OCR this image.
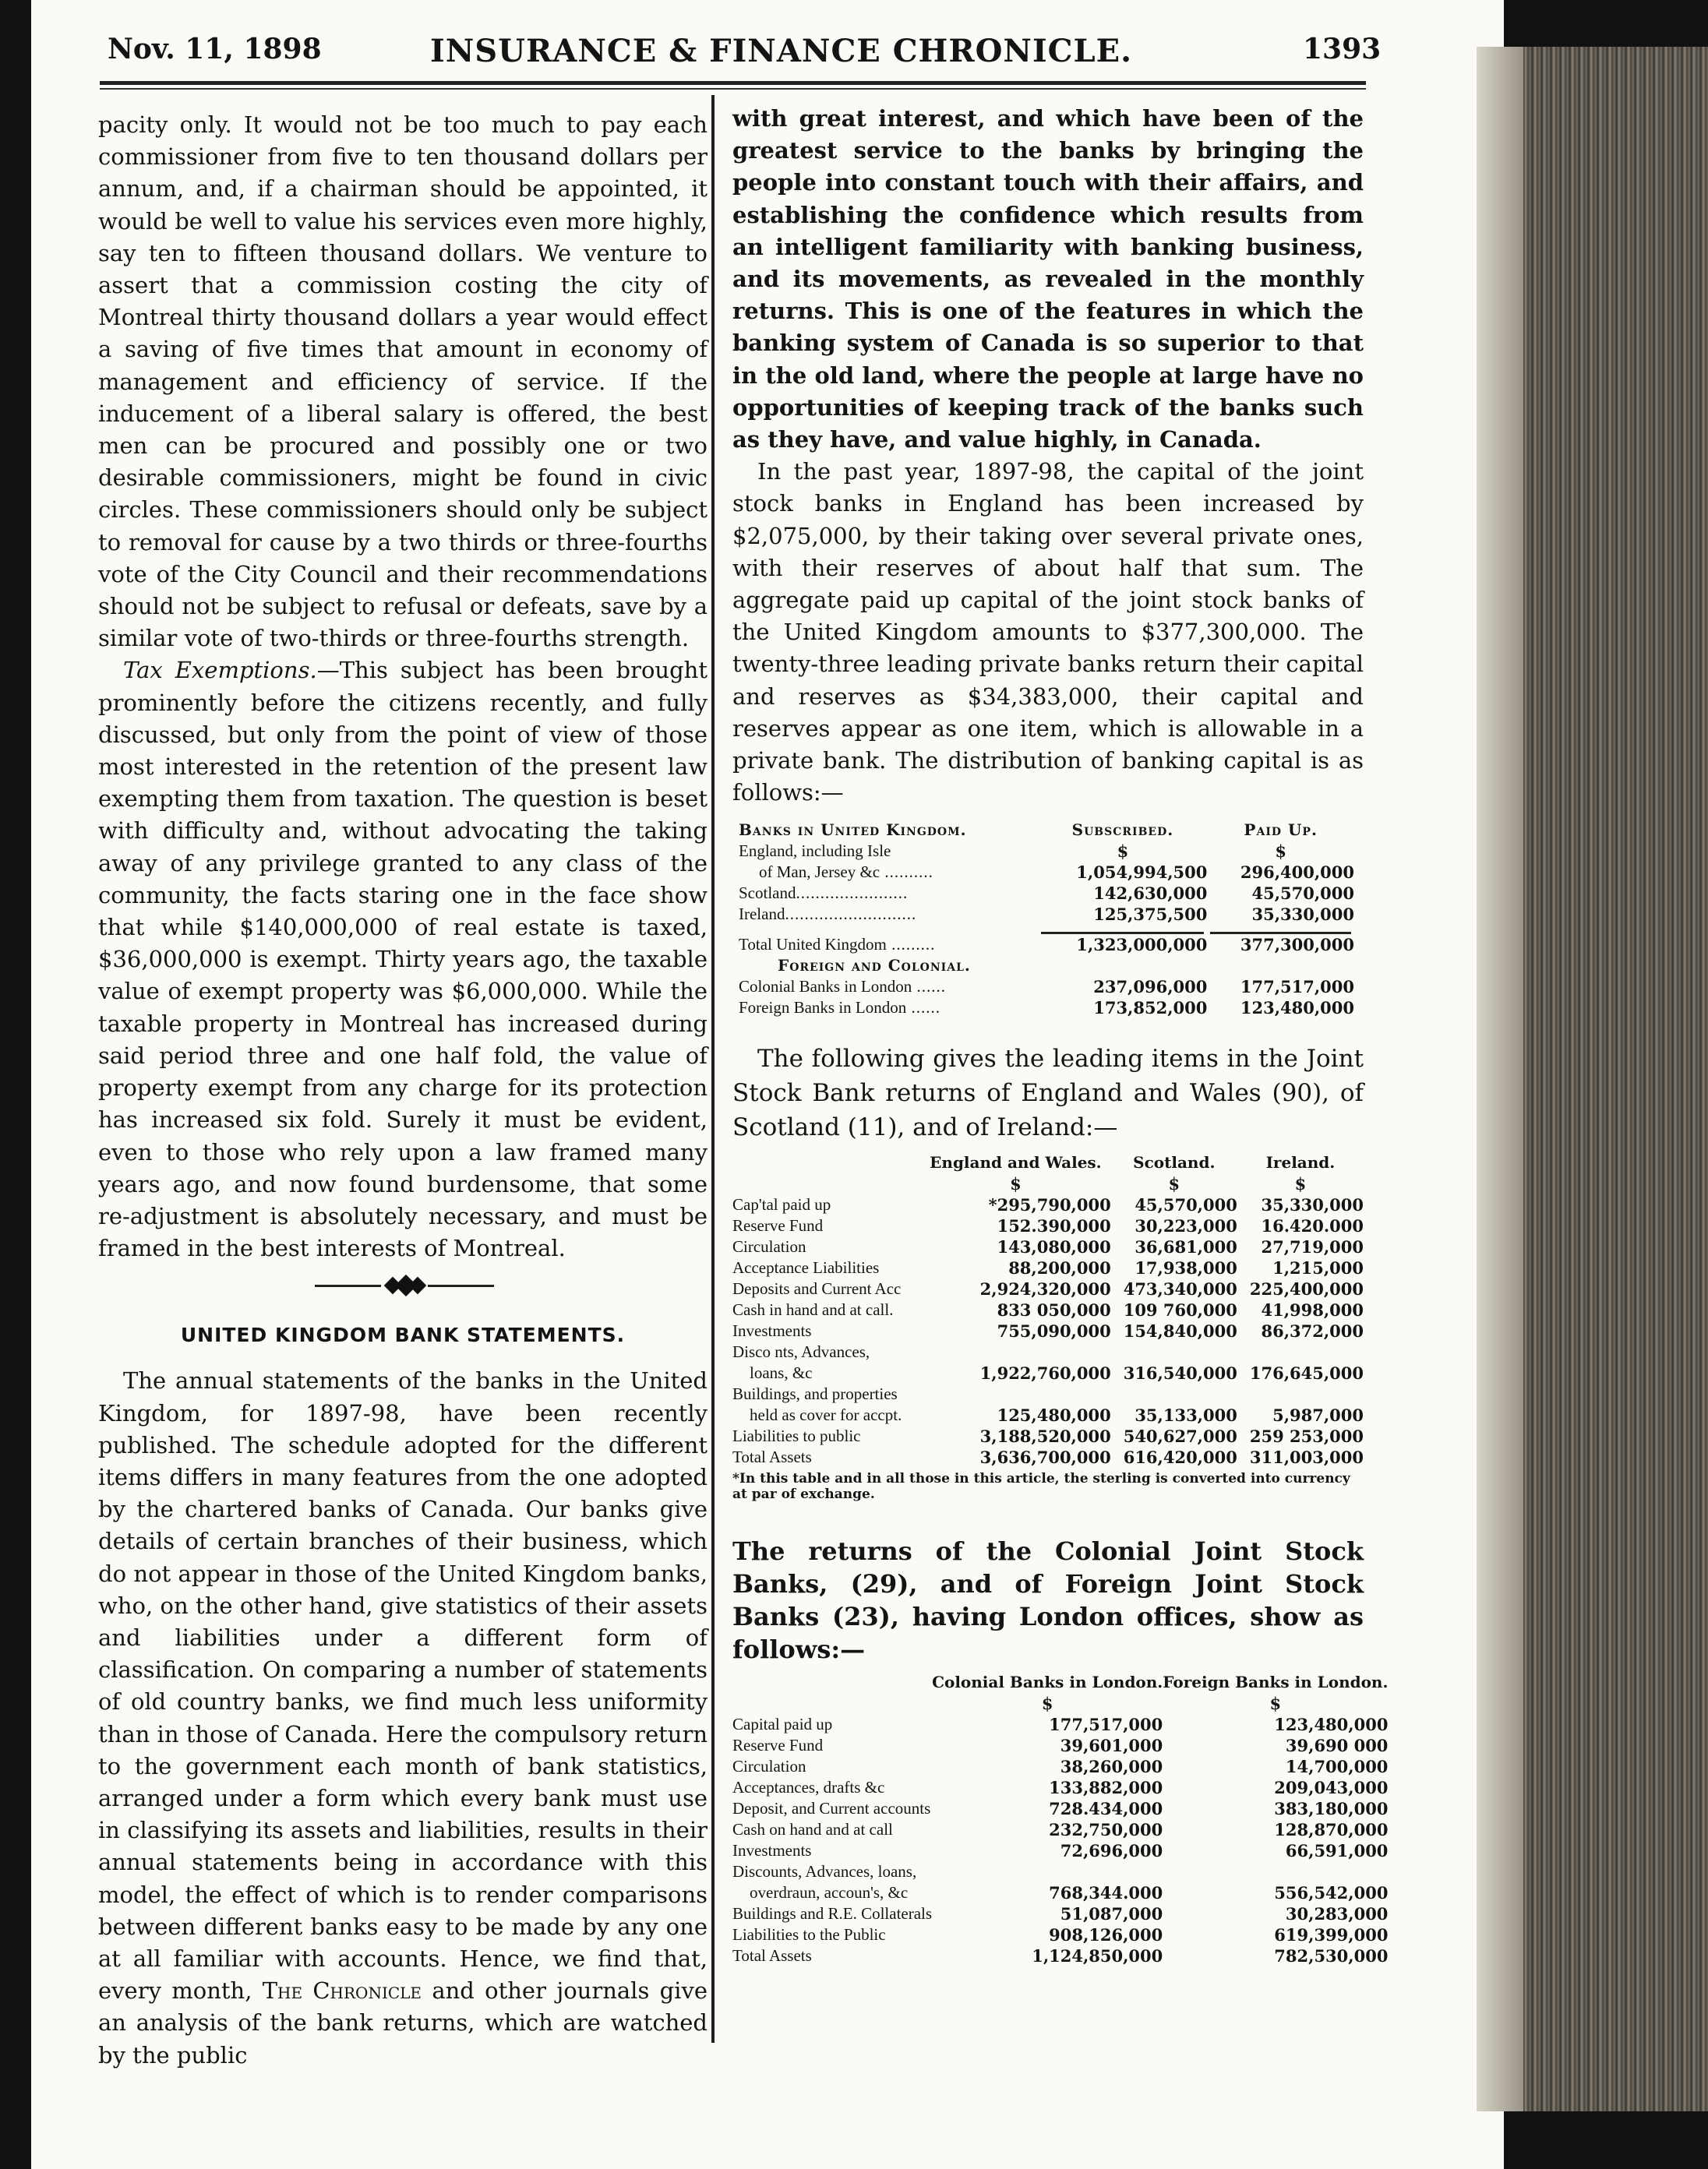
Nov. 11, 1898	INSURANCE & FINANCE CHRONICLE.	1393

pacity only. It would not be too much to pay each commissioner from five to ten thousand dollars per annum, and, if a chairman should be appointed, it would be well to value his services even more highly, say ten to fifteen thousand dollars. We venture to assert that a commission costing the city of Montreal thirty thousand dollars a year would effect a saving of five times that amount in economy of management and efficiency of service. If the inducement of a liberal salary is offered, the best men can be procured and possibly one or two desirable commissioners, might be found in civic circles. These commissioners should only be subject to removal for cause by a two thirds or three-fourths vote of the City Council and their recommendations should not be subject to refusal or defeats, save by a similar vote of two-thirds or three-fourths strength.

Tax Exemptions.—This subject has been brought prominently before the citizens recently, and fully discussed, but only from the point of view of those most interested in the retention of the present law exempting them from taxation. The question is beset with difficulty and, without advocating the taking away of any privilege granted to any class of the community, the facts staring one in the face show that while $140,000,000 of real estate is taxed, $36,000,000 is exempt. Thirty years ago, the taxable value of exempt property was $6,000,000. While the taxable property in Montreal has increased during said period three and one half fold, the value of property exempt from any charge for its protection has increased six fold. Surely it must be evident, even to those who rely upon a law framed many years ago, and now found burdensome, that some re-adjustment is absolutely necessary, and must be framed in the best interests of Montreal.

UNITED KINGDOM BANK STATEMENTS.

The annual statements of the banks in the United Kingdom, for 1897-98, have been recently published. The schedule adopted for the different items differs in many features from the one adopted by the chartered banks of Canada. Our banks give details of certain branches of their business, which do not appear in those of the United Kingdom banks, who, on the other hand, give statistics of their assets and liabilities under a different form of classification. On comparing a number of statements of old country banks, we find much less uniformity than in those of Canada. Here the compulsory return to the government each month of bank statistics, arranged under a form which every bank must use in classifying its assets and liabilities, results in their annual statements being in accordance with this model, the effect of which is to render comparisons between different banks easy to be made by any one at all familiar with accounts. Hence, we find that, every month, The Chronicle and other journals give an analysis of the bank returns, which are watched by the public

with great interest, and which have been of the greatest service to the banks by bringing the people into constant touch with their affairs, and establishing the confidence which results from an intelligent familiarity with banking business, and its movements, as revealed in the monthly returns. This is one of the features in which the banking system of Canada is so superior to that in the old land, where the people at large have no opportunities of keeping track of the banks such as they have, and value highly, in Canada.

In the past year, 1897-98, the capital of the joint stock banks in England has been increased by $2,075,000, by their taking over several private ones, with their reserves of about half that sum. The aggregate paid up capital of the joint stock banks of the United Kingdom amounts to $377,300,000. The twenty-three leading private banks return their capital and reserves as $34,383,000, their capital and reserves appear as one item, which is allowable in a private bank. The distribution of banking capital is as follows:—

Banks in United Kingdom.	Subscribed.	Paid Up.
England, including Isle	$	$
of Man, Jersey &c ..........	1,054,994,500	296,400,000
Scotland.......................	142,630,000	45,570,000
Ireland...........................	125,375,500	35,330,000

Total United Kingdom .........	1,323,000,000	377,300,000
Foreign and Colonial.		
Colonial Banks in London ......	237,096,000	177,517,000
Foreign Banks in London ......	173,852,000	123,480,000

The following gives the leading items in the Joint Stock Bank returns of England and Wales (90), of Scotland (11), and of Ireland:—

	England and Wales.	Scotland.	Ireland.
	$	$	$
Cap'tal paid up	*295,790,000	45,570,000	35,330,000
Reserve Fund	152.390,000	30,223,000	16.420.000
Circulation	143,080,000	36,681,000	27,719,000
Acceptance Liabilities	88,200,000	17,938,000	1,215,000
Deposits and Current Acc	2,924,320,000	473,340,000	225,400,000
Cash in hand and at call.	833 050,000	109 760,000	41,998,000
Investments	755,090,000	154,840,000	86,372,000
Disco nts, Advances,			
loans, &c	1,922,760,000	316,540,000	176,645,000
Buildings, and properties			
held as cover for accpt.	125,480,000	35,133,000	5,987,000
Liabilities to public	3,188,520,000	540,627,000	259 253,000
Total Assets	3,636,700,000	616,420,000	311,003,000

*In this table and in all those in this article, the sterling is converted into currency at par of exchange.

The returns of the Colonial Joint Stock Banks, (29), and of Foreign Joint Stock Banks (23), having London offices, show as follows:—

	Colonial Banks in London.	Foreign Banks in London.
	$	$
Capital paid up	177,517,000	123,480,000
Reserve Fund	39,601,000	39,690 000
Circulation	38,260,000	14,700,000
Acceptances, drafts &c	133,882,000	209,043,000
Deposit, and Current accounts	728.434,000	383,180,000
Cash on hand and at call	232,750,000	128,870,000
Investments	72,696,000	66,591,000
Discounts, Advances, loans,		
overdraun, accoun's, &c	768,344.000	556,542,000
Buildings and R.E. Collaterals	51,087,000	30,283,000
Liabilities to the Public	908,126,000	619,399,000
Total Assets	1,124,850,000	782,530,000
